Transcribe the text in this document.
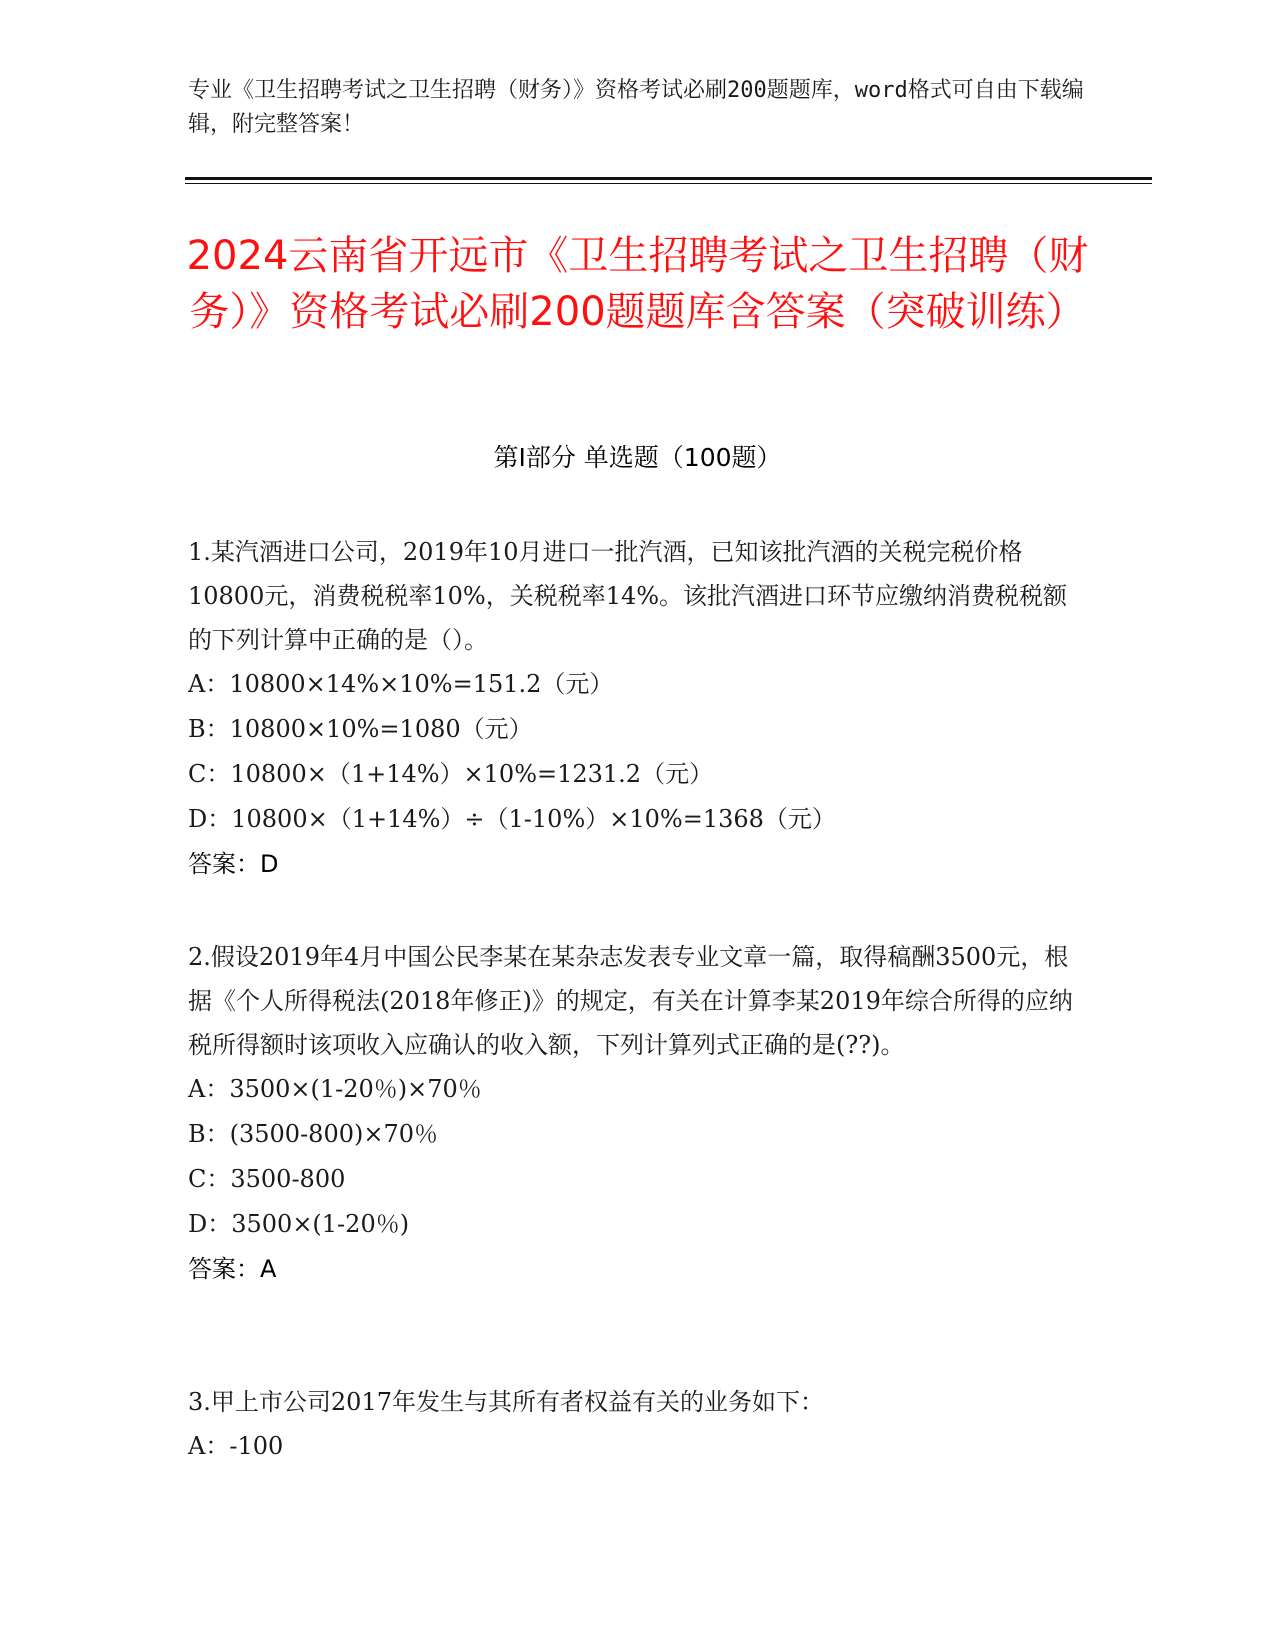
专业《卫生招聘考试之卫生招聘（财务）》资格考试必刷200题题库，word格式可自由下载编辑，附完整答案！
2024云南省开远市《卫生招聘考试之卫生招聘（财务）》资格考试必刷200题题库含答案（突破训练）
第Ⅰ部分 单选题（100题）
1.某汽酒进口公司，2019年10月进口一批汽酒，已知该批汽酒的关税完税价格10800元，消费税税率10%，关税税率14%。该批汽酒进口环节应缴纳消费税税额的下列计算中正确的是（）。
A：10800×14%×10%=151.2（元）
B：10800×10%=1080（元）
C：10800×（1+14%）×10%=1231.2（元）
D：10800×（1+14%）÷（1-10%）×10%=1368（元）
答案：D
2.假设2019年4月中国公民李某在某杂志发表专业文章一篇，取得稿酬3500元，根据《个人所得税法(2018年修正)》的规定，有关在计算李某2019年综合所得的应纳税所得额时该项收入应确认的收入额，下列计算列式正确的是(??)。
A：3500×(1-20％)×70％
B：(3500-800)×70％
C：3500-800
D：3500×(1-20％)
答案：A
3.甲上市公司2017年发生与其所有者权益有关的业务如下：
A：-100
